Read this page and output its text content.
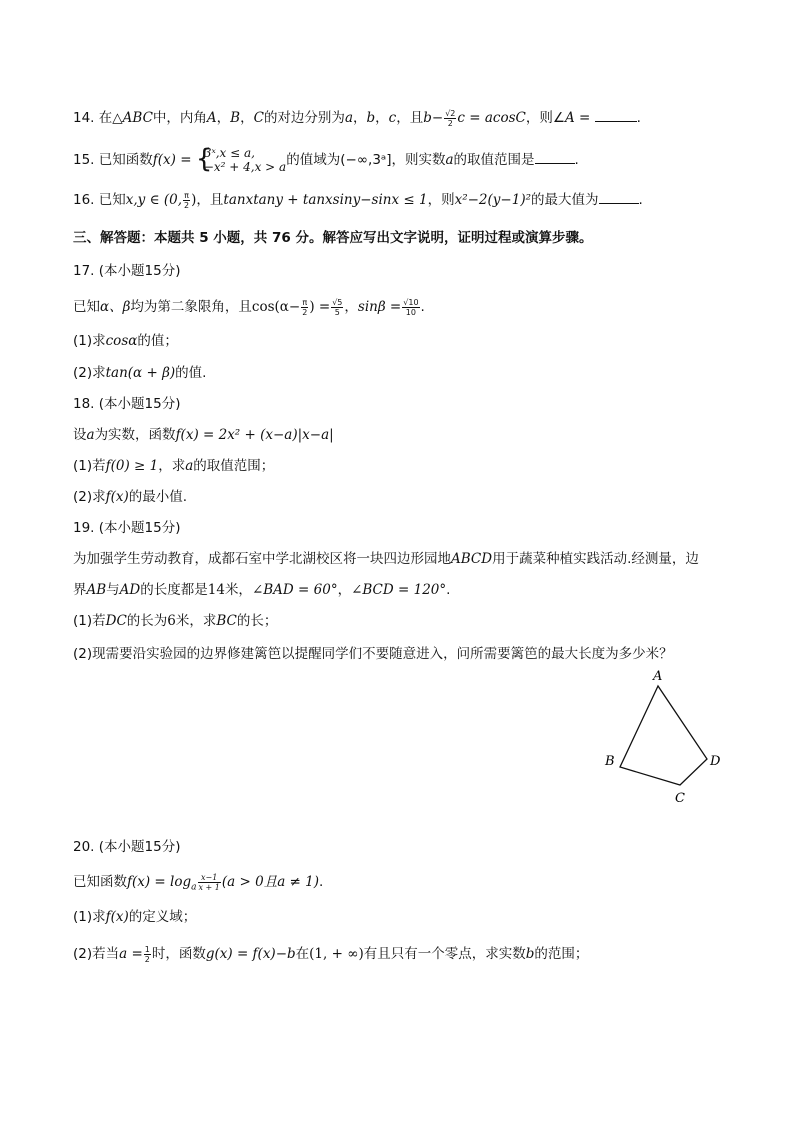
14. 在△ABC中，内角A，B，C的对边分别为a，b，c，且$b- \frac{√2}{2}$ c = acosC，则∠A =	.
15. 已知函数f(x) = {
3ˣ,x ≤ a,
−x² + 4,x > a 的值域为(−∞,3ᵃ]，则实数a的取值范围是	.
16. 已知x,y ∈ (0, $\frac{\pi}{2}$ )，且tanxtany + tanxsiny−sinx ≤ 1，则x²−2(y−1)²的最大值为	.
三、解答题：本题共 5 小题，共 76 分。解答应写出文字说明，证明过程或演算步骤。
17. (本小题15分)
已知α、β均为第二象限角，且$\cos(\alpha- \frac{\pi}{2}$ ) = $\frac{√5}{5}$ ，$\sin\beta = \frac{√10}{10}$ .
(1)求cosα的值；
(2)求tan(α + β)的值.
18. (本小题15分)
设a为实数，函数f(x) = 2x² + (x−a)|x−a|
(1)若f(0) ≥ 1，求a的取值范围；
(2)求f(x)的最小值.
19. (本小题15分)
为加强学生劳动教育，成都石室中学北湖校区将一块四边形园地ABCD用于蔬菜种植实践活动.经测量，边
界AB与AD的长度都是14米，∠BAD = 60°，∠BCD = 120°.
(1)若DC的长为6米，求BC的长；
(2)现需要沿实验园的边界修建篱笆以提醒同学们不要随意进入，问所需要篱笆的最大长度为多少米？
A
B
C
D
20. (本小题15分)
已知函数$f(x) = \log_a \frac{x-1}{x + 1} (a > 0$且a ≠ 1).
(1)求f(x)的定义域；
(2)若当$a = \frac{1}{2}$ 时，函数g(x) = f(x)−b在(1, + ∞)有且只有一个零点，求实数b的范围；
